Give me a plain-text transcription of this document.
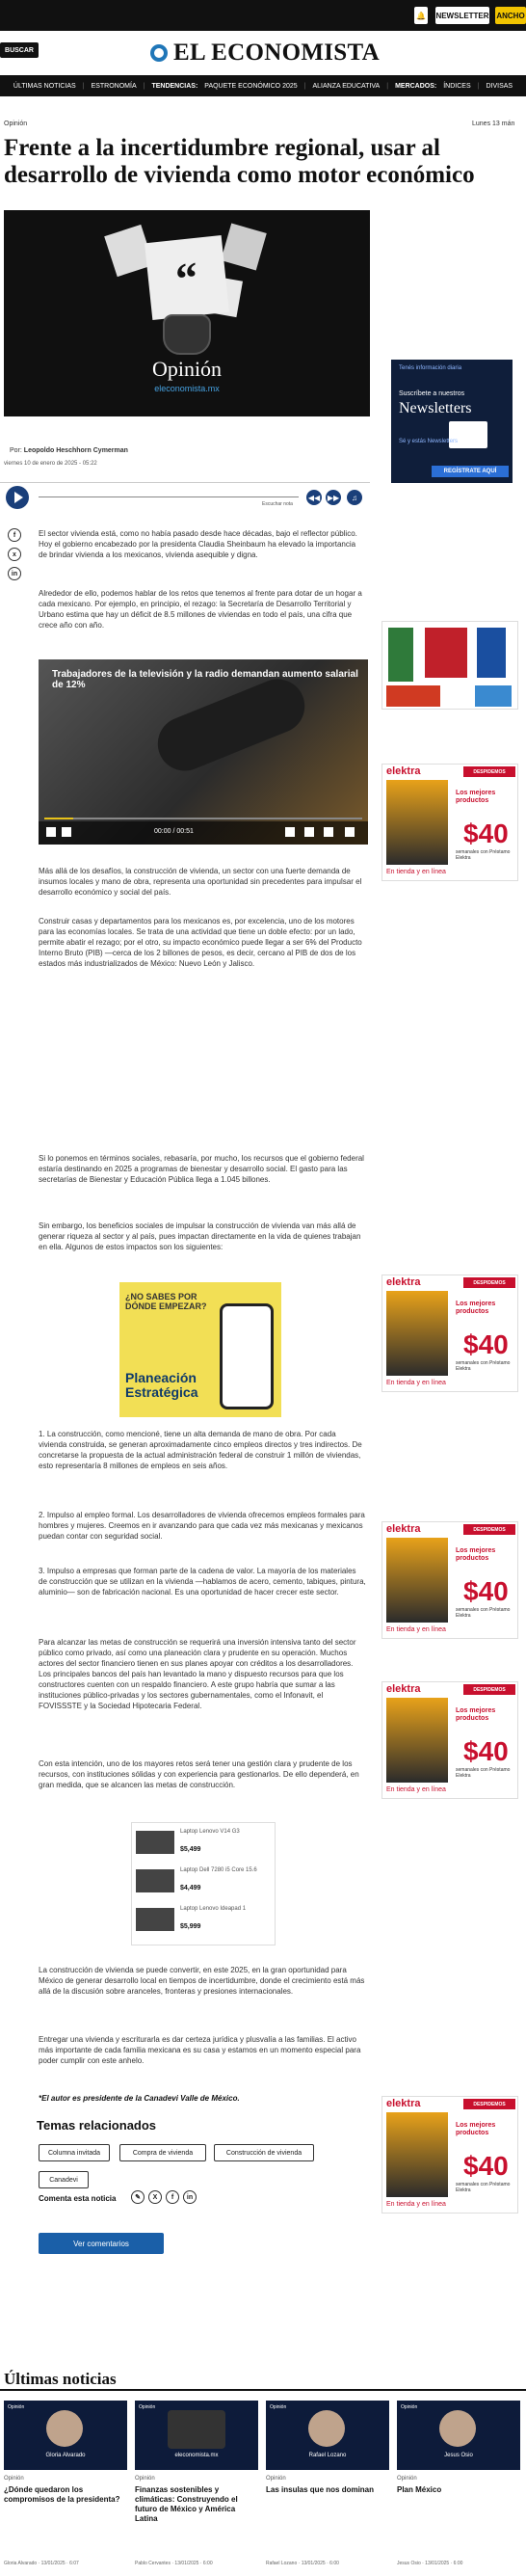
🔔 NEWSLETTER ANCHO
EL ECONOMISTA
BUSCAR
ÚLTIMAS NOTICIAS | ESTRONOMÍA | TENDENCIAS: PAQUETE ECONÓMICO 2025 | ALIANZA EDUCATIVA | MERCADOS: ÍNDICES | DIVISAS
Opinión	Lunes 13 mán
Frente a la incertidumbre regional, usar al desarrollo de vivienda como motor económico
“
Opinión
eleconomista.mx
Tenés información diaria
Suscríbete a nuestros
Newsletters
Sé y estás Newsletters
REGÍSTRATE AQUÍ
Por: Leopoldo Heschhorn Cymerman
viernes 10 de enero de 2025 - 05:22
Escuchar nota
◀◀ ▶▶	♫
f
x
in
El sector vivienda está, como no había pasado desde hace décadas, bajo el reflector público. Hoy el gobierno encabezado por la presidenta Claudia Sheinbaum ha elevado la importancia de brindar vivienda a los mexicanos, vivienda asequible y digna.
Alrededor de ello, podemos hablar de los retos que tenemos al frente para dotar de un hogar a cada mexicano. Por ejemplo, en principio, el rezago: la Secretaría de Desarrollo Territorial y Urbano estima que hay un déficit de 8.5 millones de viviendas en todo el país, una cifra que crece año con año.
Trabajadores de la televisión y la radio demandan aumento salarial de 12%
00:00 / 00:51
elektra	DESPIDEMOS
Los mejores productos
$40
semanales con Préstamo Elektra
En tienda y en línea
Más allá de los desafíos, la construcción de vivienda, un sector con una fuerte demanda de insumos locales y mano de obra, representa una oportunidad sin precedentes para impulsar el desarrollo económico y social del país.
Construir casas y departamentos para los mexicanos es, por excelencia, uno de los motores para las economías locales. Se trata de una actividad que tiene un doble efecto: por un lado, permite abatir el rezago; por el otro, su impacto económico puede llegar a ser 6% del Producto Interno Bruto (PIB) —cerca de los 2 billones de pesos, es decir, cercano al PIB de dos de los estados más industrializados de México: Nuevo León y Jalisco.
Si lo ponemos en términos sociales, rebasaría, por mucho, los recursos que el gobierno federal estaría destinando en 2025 a programas de bienestar y desarrollo social. El gasto para las secretarías de Bienestar y Educación Pública llega a 1.045 billones.
Sin embargo, los beneficios sociales de impulsar la construcción de vivienda van más allá de generar riqueza al sector y al país, pues impactan directamente en la vida de quienes trabajan en ella. Algunos de estos impactos son los siguientes:
elektra	DESPIDEMOS
Los mejores productos
$40
semanales con Préstamo Elektra
En tienda y en línea
¿NO SABES POR DÓNDE EMPEZAR?
Planeación Estratégica
1. La construcción, como mencioné, tiene un alta demanda de mano de obra. Por cada vivienda construida, se generan aproximadamente cinco empleos directos y tres indirectos. De concretarse la propuesta de la actual administración federal de construir 1 millón de viviendas, esto representaría 8 millones de empleos en seis años.
2. Impulso al empleo formal. Los desarrolladores de vivienda ofrecemos empleos formales para hombres y mujeres. Creemos en ir avanzando para que cada vez más mexicanas y mexicanos puedan contar con seguridad social.
3. Impulso a empresas que forman parte de la cadena de valor. La mayoría de los materiales de construcción que se utilizan en la vivienda —hablamos de acero, cemento, tabiques, pintura, aluminio— son de fabricación nacional. Es una oportunidad de hacer crecer este sector.
elektra	DESPIDEMOS
Los mejores productos
$40
semanales con Préstamo Elektra
En tienda y en línea
Para alcanzar las metas de construcción se requerirá una inversión intensiva tanto del sector público como privado, así como una planeación clara y prudente en su operación. Muchos actores del sector financiero tienen en sus planes apoyar con créditos a los desarrolladores. Los principales bancos del país han levantado la mano y dispuesto recursos para que los constructores cuenten con un respaldo financiero. A este grupo habría que sumar a las instituciones público-privadas y los sectores gubernamentales, como el Infonavit, el FOVISSSTE y la Sociedad Hipotecaria Federal.
elektra	DESPIDEMOS
Los mejores productos
$40
semanales con Préstamo Elektra
En tienda y en línea
Con esta intención, uno de los mayores retos será tener una gestión clara y prudente de los recursos, con instituciones sólidas y con experiencia para gestionarlos. De ello dependerá, en gran medida, que se alcancen las metas de construcción.
Laptop Lenovo V14 G3
$5,499
Laptop Dell 7280 i5 Core 15.6
$4,499
Laptop Lenovo Ideapad 1
$5,999
La construcción de vivienda se puede convertir, en este 2025, en la gran oportunidad para México de generar desarrollo local en tiempos de incertidumbre, donde el crecimiento está más allá de la discusión sobre aranceles, fronteras y presiones internacionales.
Entregar una vivienda y escriturarla es dar certeza jurídica y plusvalía a las familias. El activo más importante de cada familia mexicana es su casa y estamos en un momento especial para poder cumplir con este anhelo.
elektra	DESPIDEMOS
Los mejores productos
$40
semanales con Préstamo Elektra
En tienda y en línea
*El autor es presidente de la Canadevi Valle de México.
Temas relacionados
Columna invitada	Compra de vivienda	Construcción de vivienda
Canadevi
Comenta esta noticia	✎	X	f	in
Ver comentarios
Últimas noticias
Opinión
Gloria Alvarado
Opinión
eleconomista.mx
Opinión
Rafael Lozano
Opinión
Jesus Osio
Opinión	Opinión	Opinión	Opinión
¿Dónde quedaron los compromisos de la presidenta?
Finanzas sostenibles y climáticas: Construyendo el futuro de México y América Latina
Las insulas que nos dominan	Plan México
Gloria Alvarado · 13/01/2025 · 6:07	Pablo Cervantes · 13/01/2025 · 6:00	Rafael Lozano · 13/01/2025 · 6:00	Jesus Osio · 13/01/2025 · 6:00
